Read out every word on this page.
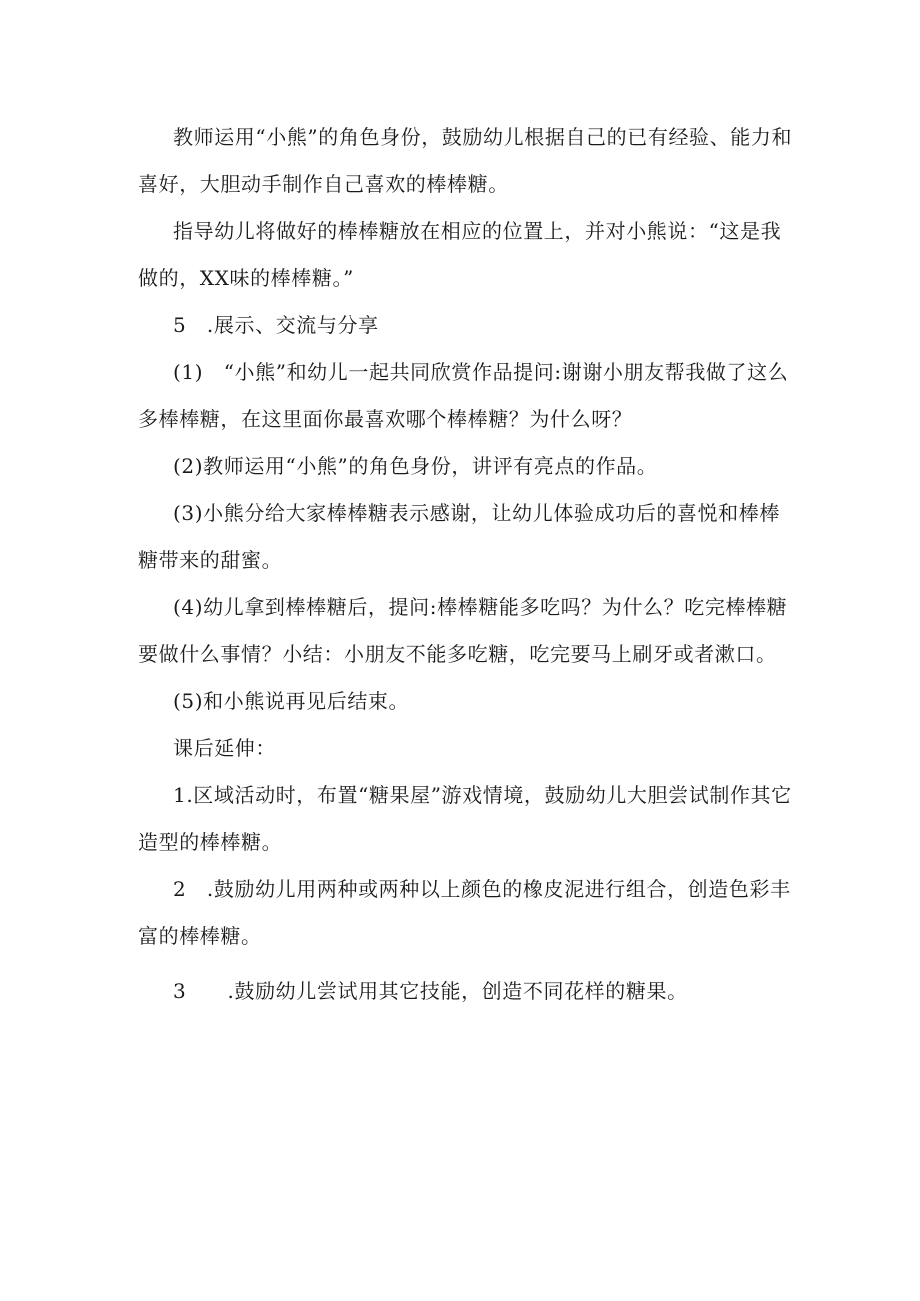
教师运用“小熊”的角色身份，鼓励幼儿根据自己的已有经验、能力和喜好，大胆动手制作自己喜欢的棒棒糖。

指导幼儿将做好的棒棒糖放在相应的位置上，并对小熊说：“这是我做的，XX味的棒棒糖。”

5　.展示、交流与分享

(1)　“小熊”和幼儿一起共同欣赏作品提问:谢谢小朋友帮我做了这么多棒棒糖，在这里面你最喜欢哪个棒棒糖？为什么呀？

(2)教师运用“小熊”的角色身份，讲评有亮点的作品。

(3)小熊分给大家棒棒糖表示感谢，让幼儿体验成功后的喜悦和棒棒糖带来的甜蜜。

(4)幼儿拿到棒棒糖后，提问:棒棒糖能多吃吗？为什么？吃完棒棒糖要做什么事情？小结：小朋友不能多吃糖，吃完要马上刷牙或者漱口。

(5)和小熊说再见后结束。

课后延伸：

1.区域活动时，布置“糖果屋”游戏情境，鼓励幼儿大胆尝试制作其它造型的棒棒糖。

2　.鼓励幼儿用两种或两种以上颜色的橡皮泥进行组合，创造色彩丰富的棒棒糖。

3　　.鼓励幼儿尝试用其它技能，创造不同花样的糖果。
